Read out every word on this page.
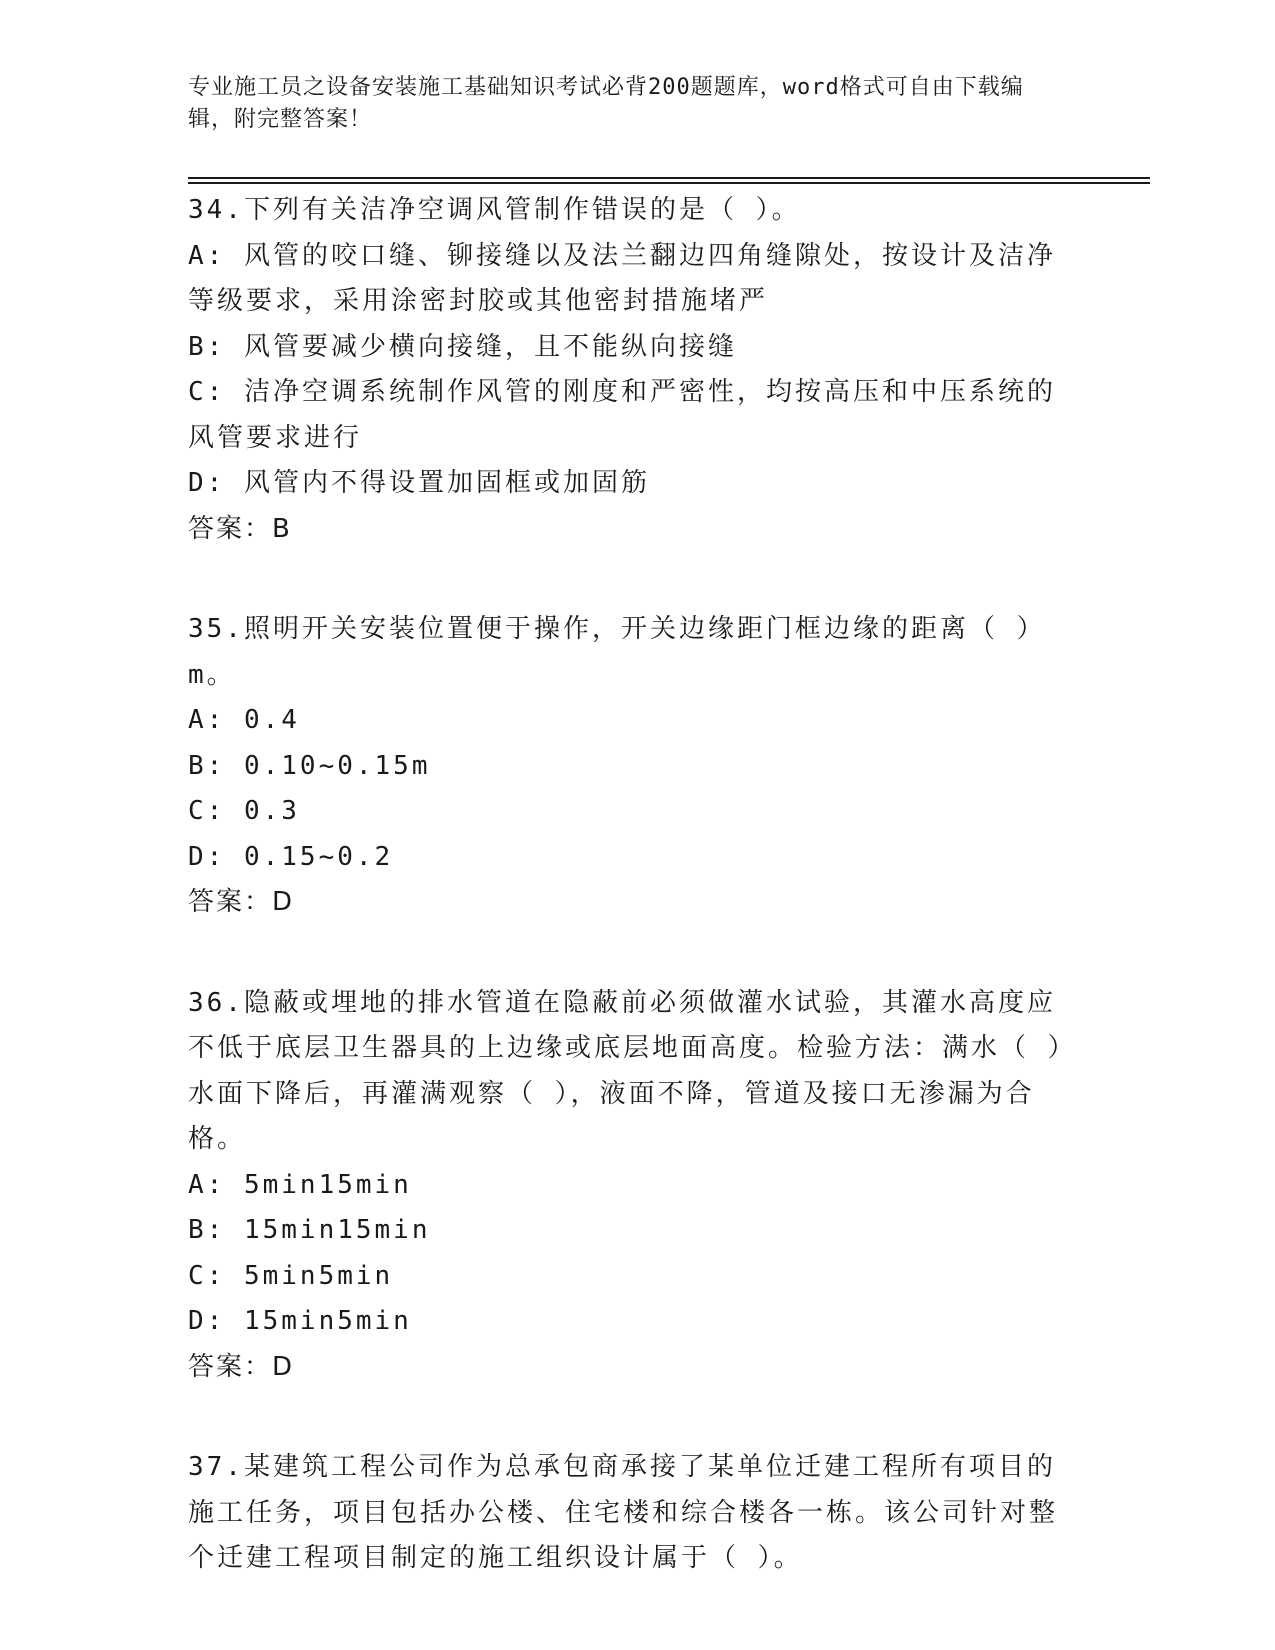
专业施工员之设备安装施工基础知识考试必背200题题库，word格式可自由下载编辑，附完整答案！
34.下列有关洁净空调风管制作错误的是（ ）。
A: 风管的咬口缝、铆接缝以及法兰翻边四角缝隙处，按设计及洁净等级要求，采用涂密封胶或其他密封措施堵严
B: 风管要减少横向接缝，且不能纵向接缝
C: 洁净空调系统制作风管的刚度和严密性，均按高压和中压系统的风管要求进行
D: 风管内不得设置加固框或加固筋
答案：B
35.照明开关安装位置便于操作，开关边缘距门框边缘的距离（ ）m。
A: 0.4
B: 0.10~0.15m
C: 0.3
D: 0.15~0.2
答案：D
36.隐蔽或埋地的排水管道在隐蔽前必须做灌水试验，其灌水高度应不低于底层卫生器具的上边缘或底层地面高度。检验方法：满水（ ）水面下降后，再灌满观察（ ），液面不降，管道及接口无渗漏为合格。
A: 5min15min
B: 15min15min
C: 5min5min
D: 15min5min
答案：D
37.某建筑工程公司作为总承包商承接了某单位迁建工程所有项目的施工任务，项目包括办公楼、住宅楼和综合楼各一栋。该公司针对整个迁建工程项目制定的施工组织设计属于（ ）。
